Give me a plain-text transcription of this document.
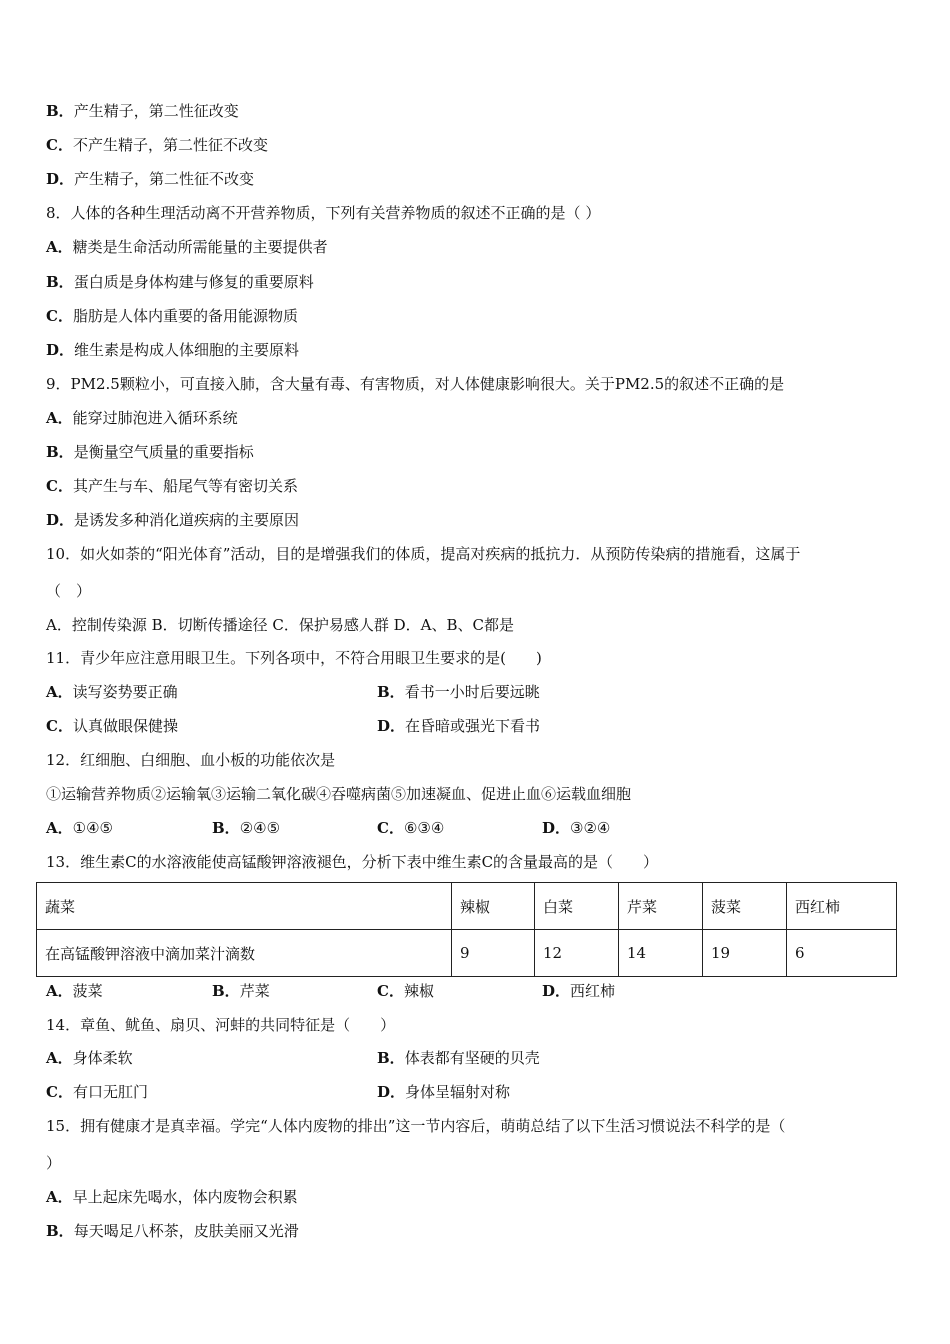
B．产生精子，第二性征改变
C．不产生精子，第二性征不改变
D．产生精子，第二性征不改变
8．人体的各种生理活动离不开营养物质，下列有关营养物质的叙述不正确的是（ ）
A．糖类是生命活动所需能量的主要提供者
B．蛋白质是身体构建与修复的重要原料
C．脂肪是人体内重要的备用能源物质
D．维生素是构成人体细胞的主要原料
9．PM2.5颗粒小，可直接入肺，含大量有毒、有害物质，对人体健康影响很大。关于PM2.5的叙述不正确的是
A．能穿过肺泡进入循环系统
B．是衡量空气质量的重要指标
C．其产生与车、船尾气等有密切关系
D．是诱发多种消化道疾病的主要原因
10．如火如荼的“阳光体育”活动，目的是增强我们的体质，提高对疾病的抵抗力．从预防传染病的措施看，这属于
（　）
A．控制传染源 B．切断传播途径 C．保护易感人群 D．A、B、C都是
11．青少年应注意用眼卫生。下列各项中，不符合用眼卫生要求的是(　　)
A．读写姿势要正确	B．看书一小时后要远眺
C．认真做眼保健操	D．在昏暗或强光下看书
12．红细胞、白细胞、血小板的功能依次是
①运输营养物质②运输氧③运输二氧化碳④吞噬病菌⑤加速凝血、促进止血⑥运载血细胞
A．①④⑤	B．②④⑤	C．⑥③④	D．③②④
13．维生素C的水溶液能使高锰酸钾溶液褪色，分析下表中维生素C的含量最高的是（　　）
蔬菜	辣椒	白菜	芹菜	菠菜	西红柿
在高锰酸钾溶液中滴加菜汁滴数	9	12	14	19	6
A．菠菜	B．芹菜	C．辣椒	D．西红柿
14．章鱼、鱿鱼、扇贝、河蚌的共同特征是（　　）
A．身体柔软	B．体表都有坚硬的贝壳
C．有口无肛门	D．身体呈辐射对称
15．拥有健康才是真幸福。学完“人体内废物的排出”这一节内容后，萌萌总结了以下生活习惯说法不科学的是（
）
A．早上起床先喝水，体内废物会积累
B．每天喝足八杯茶，皮肤美丽又光滑
